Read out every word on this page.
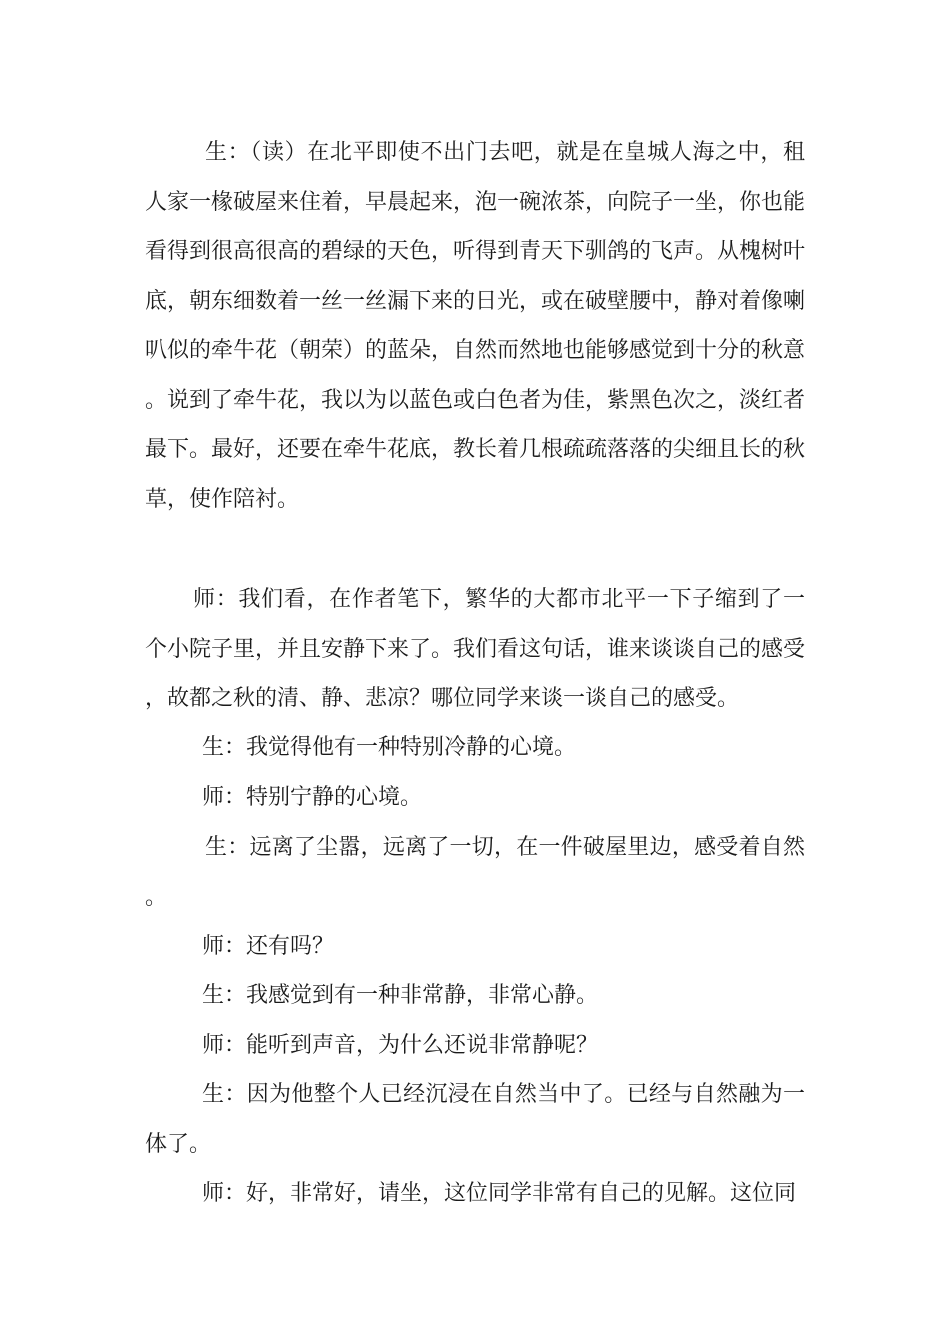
生：（读）在北平即使不出门去吧，就是在皇城人海之中，租人家一椽破屋来住着，早晨起来，泡一碗浓茶，向院子一坐，你也能看得到很高很高的碧绿的天色，听得到青天下驯鸽的飞声。从槐树叶底，朝东细数着一丝一丝漏下来的日光，或在破壁腰中，静对着像喇叭似的牵牛花（朝荣）的蓝朵，自然而然地也能够感觉到十分的秋意。说到了牵牛花，我以为以蓝色或白色者为佳，紫黑色次之，淡红者最下。最好，还要在牵牛花底，教长着几根疏疏落落的尖细且长的秋草，使作陪衬。

师：我们看，在作者笔下，繁华的大都市北平一下子缩到了一个小院子里，并且安静下来了。我们看这句话，谁来谈谈自己的感受，故都之秋的清、静、悲凉？哪位同学来谈一谈自己的感受。

生：我觉得他有一种特别冷静的心境。

师：特别宁静的心境。

生：远离了尘嚣，远离了一切，在一件破屋里边，感受着自然。

师：还有吗？

生：我感觉到有一种非常静，非常心静。

师：能听到声音，为什么还说非常静呢？

生：因为他整个人已经沉浸在自然当中了。已经与自然融为一体了。

师：好，非常好，请坐，这位同学非常有自己的见解。这位同
